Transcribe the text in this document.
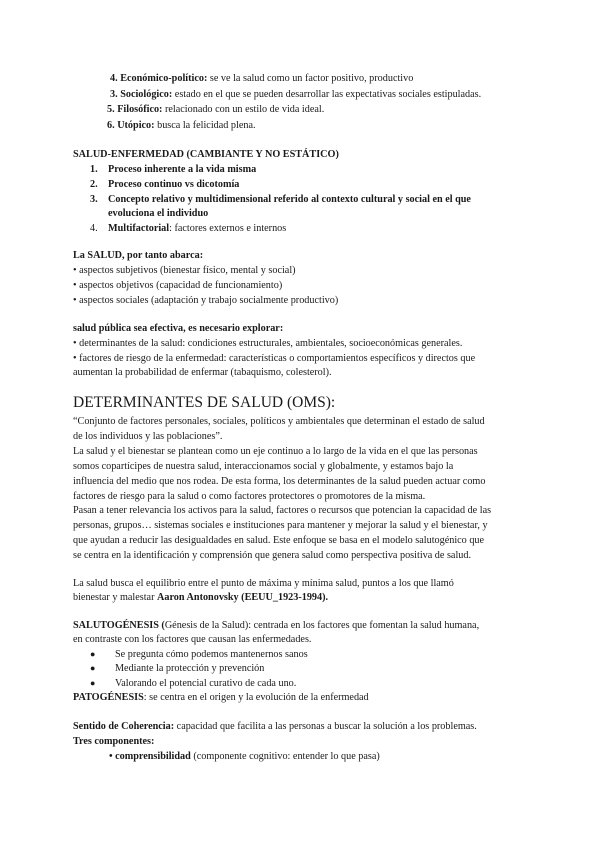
4. Económico-político: se ve la salud como un factor positivo, productivo
3. Sociológico: estado en el que se pueden desarrollar las expectativas sociales estipuladas.
5. Filosófico: relacionado con un estilo de vida ideal.
6. Utópico: busca la felicidad plena.
SALUD-ENFERMEDAD (CAMBIANTE Y NO ESTÁTICO)
1. Proceso inherente a la vida misma
2. Proceso continuo vs dicotomía
3. Concepto relativo y multidimensional referido al contexto cultural y social en el que
evoluciona el individuo
4. Multifactorial: factores externos e internos
La SALUD, por tanto abarca:
• aspectos subjetivos (bienestar físico, mental y social)
• aspectos objetivos (capacidad de funcionamiento)
• aspectos sociales (adaptación y trabajo socialmente productivo)
salud pública sea efectiva, es necesario explorar:
• determinantes de la salud: condiciones estructurales, ambientales, socioeconómicas generales.
• factores de riesgo de la enfermedad: características o comportamientos específicos y directos que
aumentan la probabilidad de enfermar (tabaquismo, colesterol).
DETERMINANTES DE SALUD (OMS):
“Conjunto de factores personales, sociales, políticos y ambientales que determinan el estado de salud
de los individuos y las poblaciones”.
La salud y el bienestar se plantean como un eje continuo a lo largo de la vida en el que las personas
somos copartícipes de nuestra salud, interaccionamos social y globalmente, y estamos bajo la
influencia del medio que nos rodea. De esta forma, los determinantes de la salud pueden actuar como
factores de riesgo para la salud o como factores protectores o promotores de la misma.
Pasan a tener relevancia los activos para la salud, factores o recursos que potencian la capacidad de las
personas, grupos… sistemas sociales e instituciones para mantener y mejorar la salud y el bienestar, y
que ayudan a reducir las desigualdades en salud. Este enfoque se basa en el modelo salutogénico que
se centra en la identificación y comprensión que genera salud como perspectiva positiva de salud.
La salud busca el equilibrio entre el punto de máxima y mínima salud, puntos a los que llamó
bienestar y malestar Aaron Antonovsky (EEUU_1923-1994).
SALUTOGÉNESIS (Génesis de la Salud): centrada en los factores que fomentan la salud humana,
en contraste con los factores que causan las enfermedades.
● Se pregunta cómo podemos mantenernos sanos
● Mediante la protección y prevención
● Valorando el potencial curativo de cada uno.
PATOGÉNESIS: se centra en el origen y la evolución de la enfermedad
Sentido de Coherencia: capacidad que facilita a las personas a buscar la solución a los problemas.
Tres componentes:
• comprensibilidad (componente cognitivo: entender lo que pasa)
